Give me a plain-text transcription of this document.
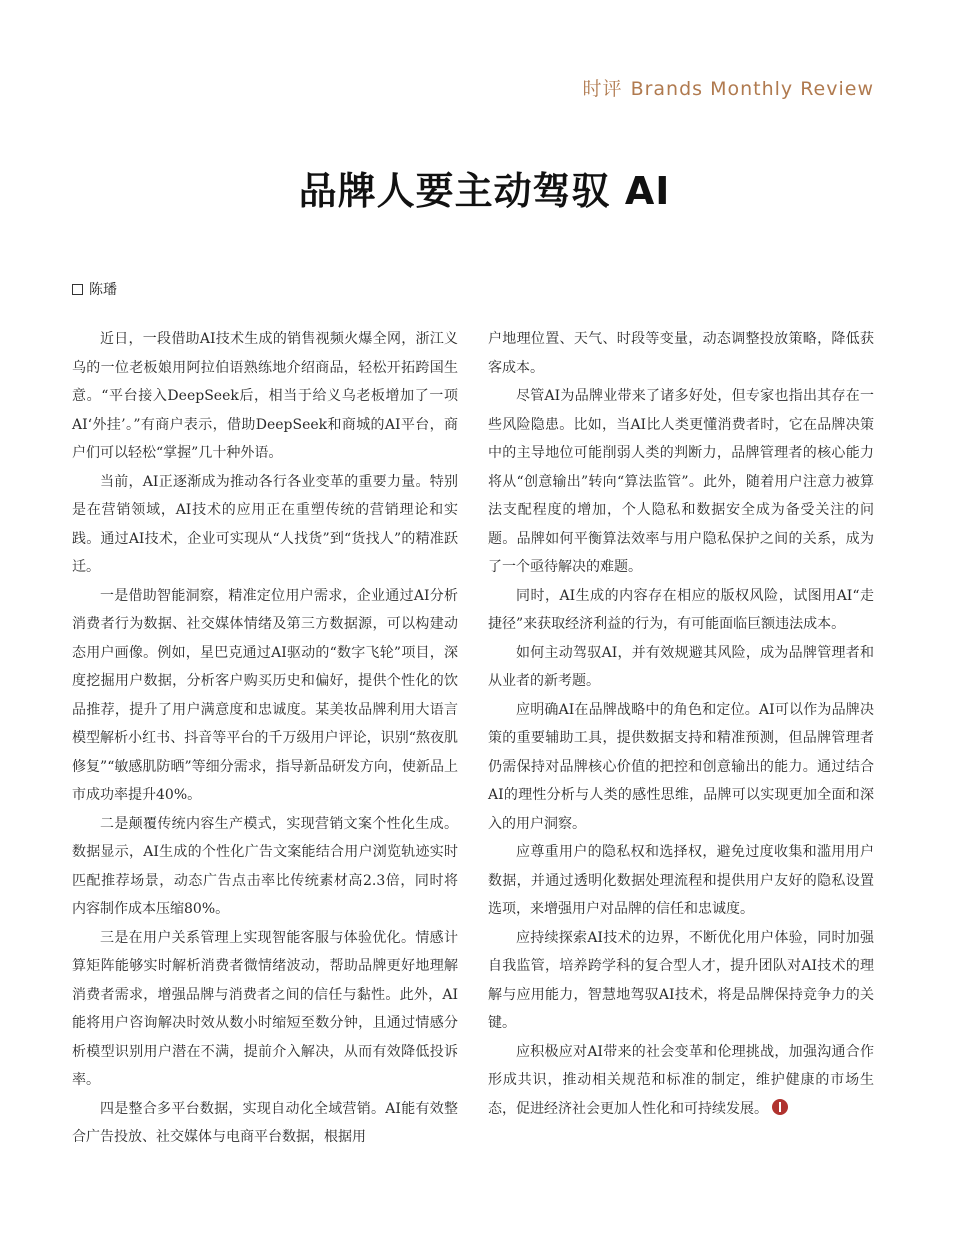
时评 Brands Monthly Review
品牌人要主动驾驭 AI
陈璠

近日，一段借助AI技术生成的销售视频火爆全网，浙江义乌的一位老板娘用阿拉伯语熟练地介绍商品，轻松开拓跨国生意。“平台接入DeepSeek后，相当于给义乌老板增加了一项AI‘外挂’。”有商户表示，借助DeepSeek和商城的AI平台，商户们可以轻松“掌握”几十种外语。

当前，AI正逐渐成为推动各行各业变革的重要力量。特别是在营销领域，AI技术的应用正在重塑传统的营销理论和实践。通过AI技术，企业可实现从“人找货”到“货找人”的精准跃迁。

一是借助智能洞察，精准定位用户需求，企业通过AI分析消费者行为数据、社交媒体情绪及第三方数据源，可以构建动态用户画像。例如，星巴克通过AI驱动的“数字飞轮”项目，深度挖掘用户数据，分析客户购买历史和偏好，提供个性化的饮品推荐，提升了用户满意度和忠诚度。某美妆品牌利用大语言模型解析小红书、抖音等平台的千万级用户评论，识别“熬夜肌修复”“敏感肌防晒”等细分需求，指导新品研发方向，使新品上市成功率提升40%。

二是颠覆传统内容生产模式，实现营销文案个性化生成。数据显示，AI生成的个性化广告文案能结合用户浏览轨迹实时匹配推荐场景，动态广告点击率比传统素材高2.3倍，同时将内容制作成本压缩80%。

三是在用户关系管理上实现智能客服与体验优化。情感计算矩阵能够实时解析消费者微情绪波动，帮助品牌更好地理解消费者需求，增强品牌与消费者之间的信任与黏性。此外，AI能将用户咨询解决时效从数小时缩短至数分钟，且通过情感分析模型识别用户潜在不满，提前介入解决，从而有效降低投诉率。

四是整合多平台数据，实现自动化全域营销。AI能有效整合广告投放、社交媒体与电商平台数据，根据用

户地理位置、天气、时段等变量，动态调整投放策略，降低获客成本。

尽管AI为品牌业带来了诸多好处，但专家也指出其存在一些风险隐患。比如，当AI比人类更懂消费者时，它在品牌决策中的主导地位可能削弱人类的判断力，品牌管理者的核心能力将从“创意输出”转向“算法监管”。此外，随着用户注意力被算法支配程度的增加，个人隐私和数据安全成为备受关注的问题。品牌如何平衡算法效率与用户隐私保护之间的关系，成为了一个亟待解决的难题。

同时，AI生成的内容存在相应的版权风险，试图用AI“走捷径”来获取经济利益的行为，有可能面临巨额违法成本。

如何主动驾驭AI，并有效规避其风险，成为品牌管理者和从业者的新考题。

应明确AI在品牌战略中的角色和定位。AI可以作为品牌决策的重要辅助工具，提供数据支持和精准预测，但品牌管理者仍需保持对品牌核心价值的把控和创意输出的能力。通过结合AI的理性分析与人类的感性思维，品牌可以实现更加全面和深入的用户洞察。

应尊重用户的隐私权和选择权，避免过度收集和滥用用户数据，并通过透明化数据处理流程和提供用户友好的隐私设置选项，来增强用户对品牌的信任和忠诚度。

应持续探索AI技术的边界，不断优化用户体验，同时加强自我监管，培养跨学科的复合型人才，提升团队对AI技术的理解与应用能力，智慧地驾驭AI技术，将是品牌保持竞争力的关键。

应积极应对AI带来的社会变革和伦理挑战，加强沟通合作形成共识，推动相关规范和标准的制定，维护健康的市场生态，促进经济社会更加人性化和可持续发展。
